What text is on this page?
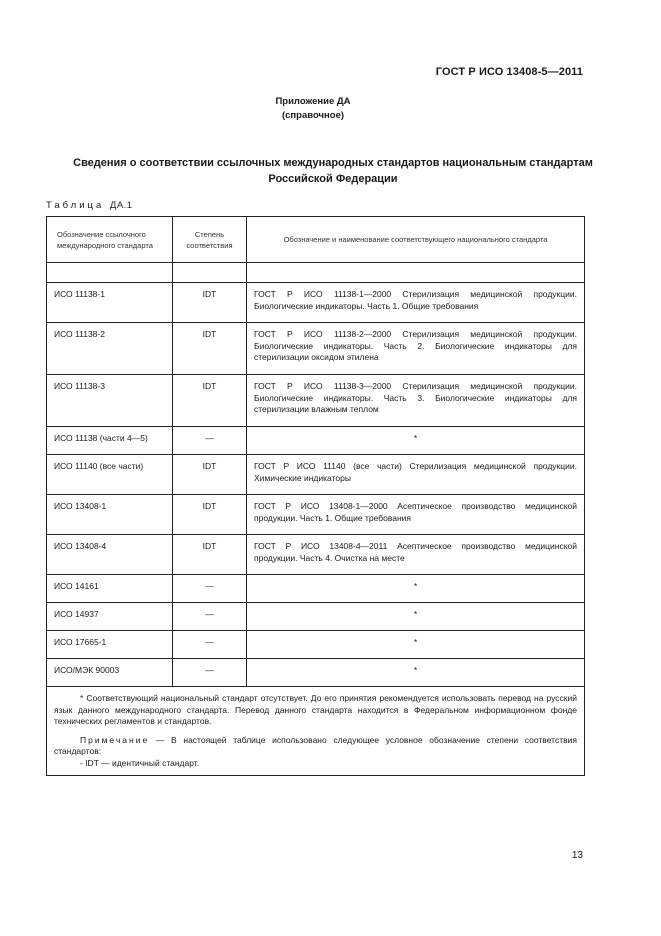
ГОСТ Р ИСО 13408-5—2011
Приложение ДА
(справочное)
Сведения о соответствии ссылочных международных стандартов национальным стандартам
Российской Федерации
Таблица ДА.1
Обозначение ссылочного международного стандарта	Степень соответствия	Обозначение и наименование соответствующего национального стандарта

ИСО 11138-1	IDT	ГОСТ Р ИСО 11138-1—2000 Стерилизация медицинской продукции. Биологические индикаторы. Часть 1. Общие требования
ИСО 11138-2	IDT	ГОСТ Р ИСО 11138-2—2000 Стерилизация медицинской продукции. Биологические индикаторы. Часть 2. Биологические индикаторы для стерилизации оксидом этилена
ИСО 11138-3	IDT	ГОСТ Р ИСО 11138-3—2000 Стерилизация медицинской продукции. Биологические индикаторы. Часть 3. Биологические индикаторы для стерилизации влажным теплом
ИСО 11138 (части 4—5)	—	*
ИСО 11140 (все части)	IDT	ГОСТ Р ИСО 11140 (все части) Стерилизация медицинской продукции. Химические индикаторы
ИСО 13408-1	IDT	ГОСТ Р ИСО 13408-1—2000 Асептическое производство медицинской продукции. Часть 1. Общие требования
ИСО 13408-4	IDT	ГОСТ Р ИСО 13408-4—2011 Асептическое производство медицинской продукции. Часть 4. Очистка на месте
ИСО 14161	—	*
ИСО 14937	—	*
ИСО 17665-1	—	*
ИСО/МЭК 90003	—	*

* Соответствующий национальный стандарт отсутствует. До его принятия рекомендуется использовать перевод на русский язык данного международного стандарта. Перевод данного стандарта находится в Федеральном информационном фонде технических регламентов и стандартов.

Примечание — В настоящей таблице использовано следующее условное обозначение степени соответствия стандартов:

- IDT — идентичный стандарт.		

13
